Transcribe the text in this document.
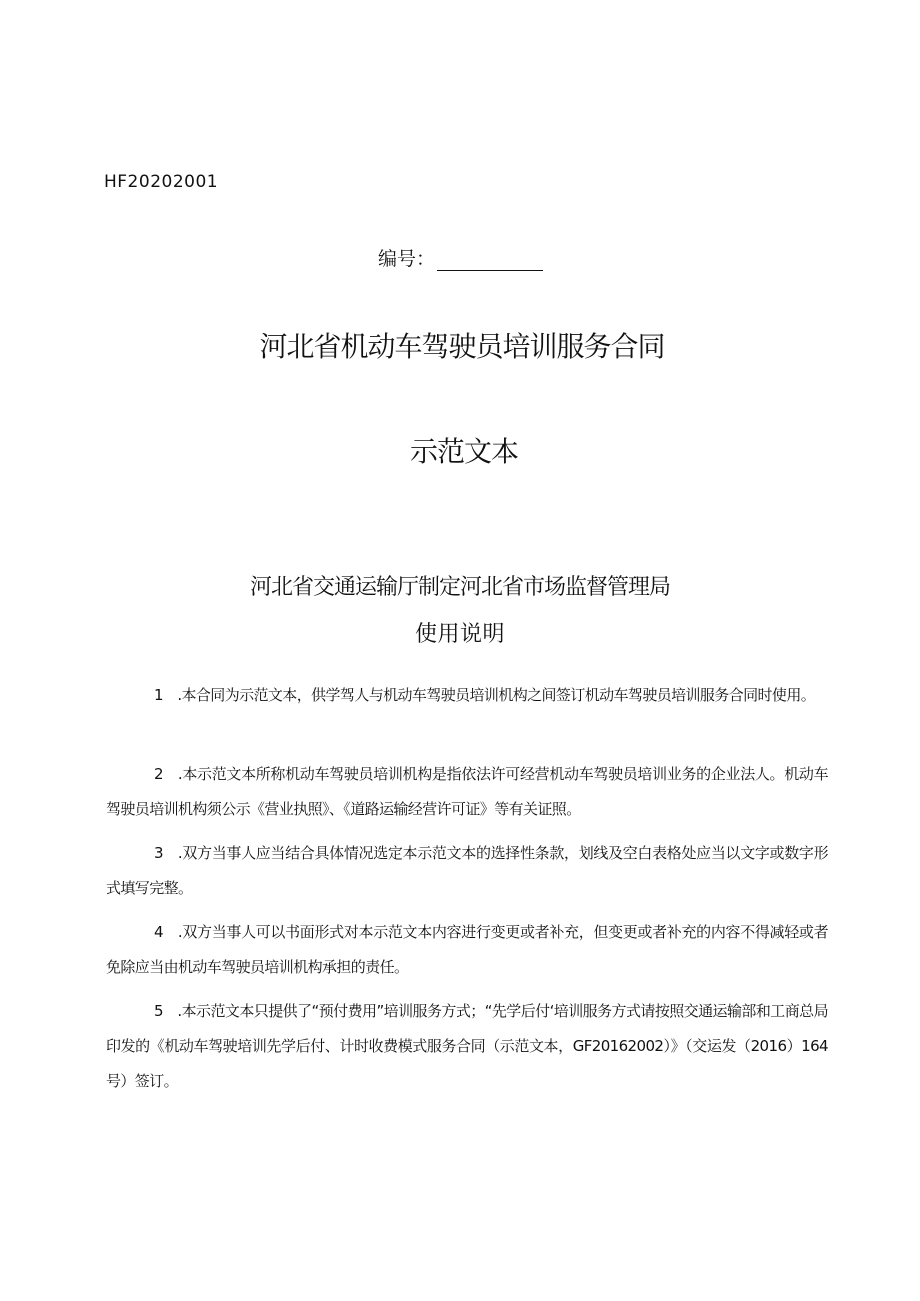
HF20202001
编号：
河北省机动车驾驶员培训服务合同
示范文本
河北省交通运输厅制定河北省市场监督管理局
使用说明
1　.本合同为示范文本，供学驾人与机动车驾驶员培训机构之间签订机动车驾驶员培训服务合同时使用。
2　.本示范文本所称机动车驾驶员培训机构是指依法许可经营机动车驾驶员培训业务的企业法人。机动车驾驶员培训机构须公示《营业执照》、《道路运输经营许可证》等有关证照。
3　.双方当事人应当结合具体情况选定本示范文本的选择性条款，划线及空白表格处应当以文字或数字形式填写完整。
4　.双方当事人可以书面形式对本示范文本内容进行变更或者补充，但变更或者补充的内容不得减轻或者免除应当由机动车驾驶员培训机构承担的责任。
5　.本示范文本只提供了“预付费用”培训服务方式；“先学后付‘培训服务方式请按照交通运输部和工商总局印发的《机动车驾驶培训先学后付、计时收费模式服务合同（示范文本，GF20162002）》（交运发（2016）164号）签订。
